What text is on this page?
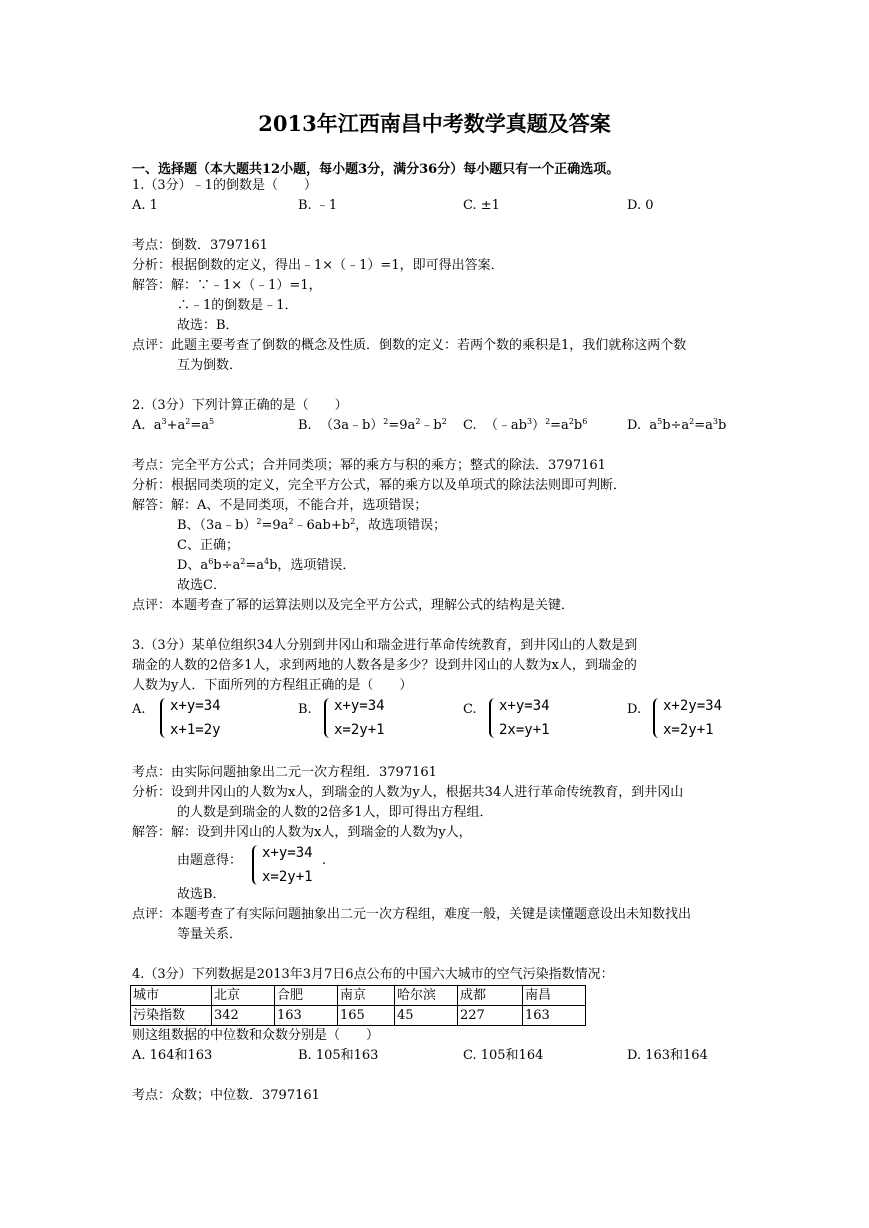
2013年江西南昌中考数学真题及答案
一、选择题（本大题共12小题，每小题3分，满分36分）每小题只有一个正确选项。
1.（3分）﹣1的倒数是（　　）
A. 1	B. ﹣1	C. ±1	D. 0
考点：倒数．3797161
分析：根据倒数的定义，得出﹣1×（﹣1）=1，即可得出答案．
解答：解：∵﹣1×（﹣1）=1，
∴﹣1的倒数是﹣1．
故选：B．
点评：此题主要考查了倒数的概念及性质．倒数的定义：若两个数的乘积是1，我们就称这两个数
互为倒数．
2.（3分）下列计算正确的是（　　）
A.  $a^3+a^2=a^5$	B.  $(3a﹣b)^2=9a^2﹣b^2$ C.  $(﹣ab^3)^2=a^2b^6$	D.  $a^5b\div a^2=a^3b$
考点：完全平方公式；合并同类项；幂的乘方与积的乘方；整式的除法．3797161
分析：根据同类项的定义，完全平方公式，幂的乘方以及单项式的除法法则即可判断．
解答：解：A、不是同类项，不能合并，选项错误；
B、$(3a﹣b)^2=9a^2﹣6ab+b^2$，故选项错误；
C、正确；
D、$a^6b\div a^2=a^4b$，选项错误．
故选C．
点评：本题考查了幂的运算法则以及完全平方公式，理解公式的结构是关键．
3.（3分）某单位组织34人分别到井冈山和瑞金进行革命传统教育，到井冈山的人数是到
瑞金的人数的2倍多1人，求到两地的人数各是多少？设到井冈山的人数为x人，到瑞金的
人数为y人．下面所列的方程组正确的是（　　）
A. x+y=34
x+1=2y
B. x+y=34
x=2y+1
C. x+y=34
2x=y+1
D. x+2y=34
x=2y+1
考点：由实际问题抽象出二元一次方程组．3797161
分析：设到井冈山的人数为x人，到瑞金的人数为y人，根据共34人进行革命传统教育，到井冈山
的人数是到瑞金的人数的2倍多1人，即可得出方程组．
解答：解：设到井冈山的人数为x人，到瑞金的人数为y人，
由题意得： x+y=34
x=2y+1
.
故选B．
点评：本题考查了有实际问题抽象出二元一次方程组，难度一般，关键是读懂题意设出未知数找出
等量关系．
4.（3分）下列数据是2013年3月7日6点公布的中国六大城市的空气污染指数情况：
城市	北京	合肥	南京	哈尔滨	成都	南昌
污染指数	342	163	165	45	227	163
则这组数据的中位数和众数分别是（　　）
A. 164和163	B. 105和163	C. 105和164	D. 163和164
考点：众数；中位数．3797161
